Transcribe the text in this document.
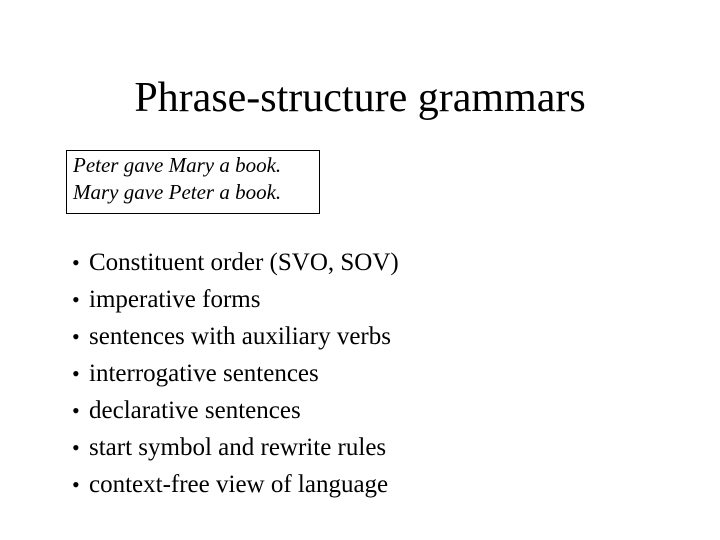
Phrase-structure grammars
Peter gave Mary a book.
Mary gave Peter a book.
• Constituent order (SVO, SOV)
• imperative forms
• sentences with auxiliary verbs
• interrogative sentences
• declarative sentences
• start symbol and rewrite rules
• context-free view of language
